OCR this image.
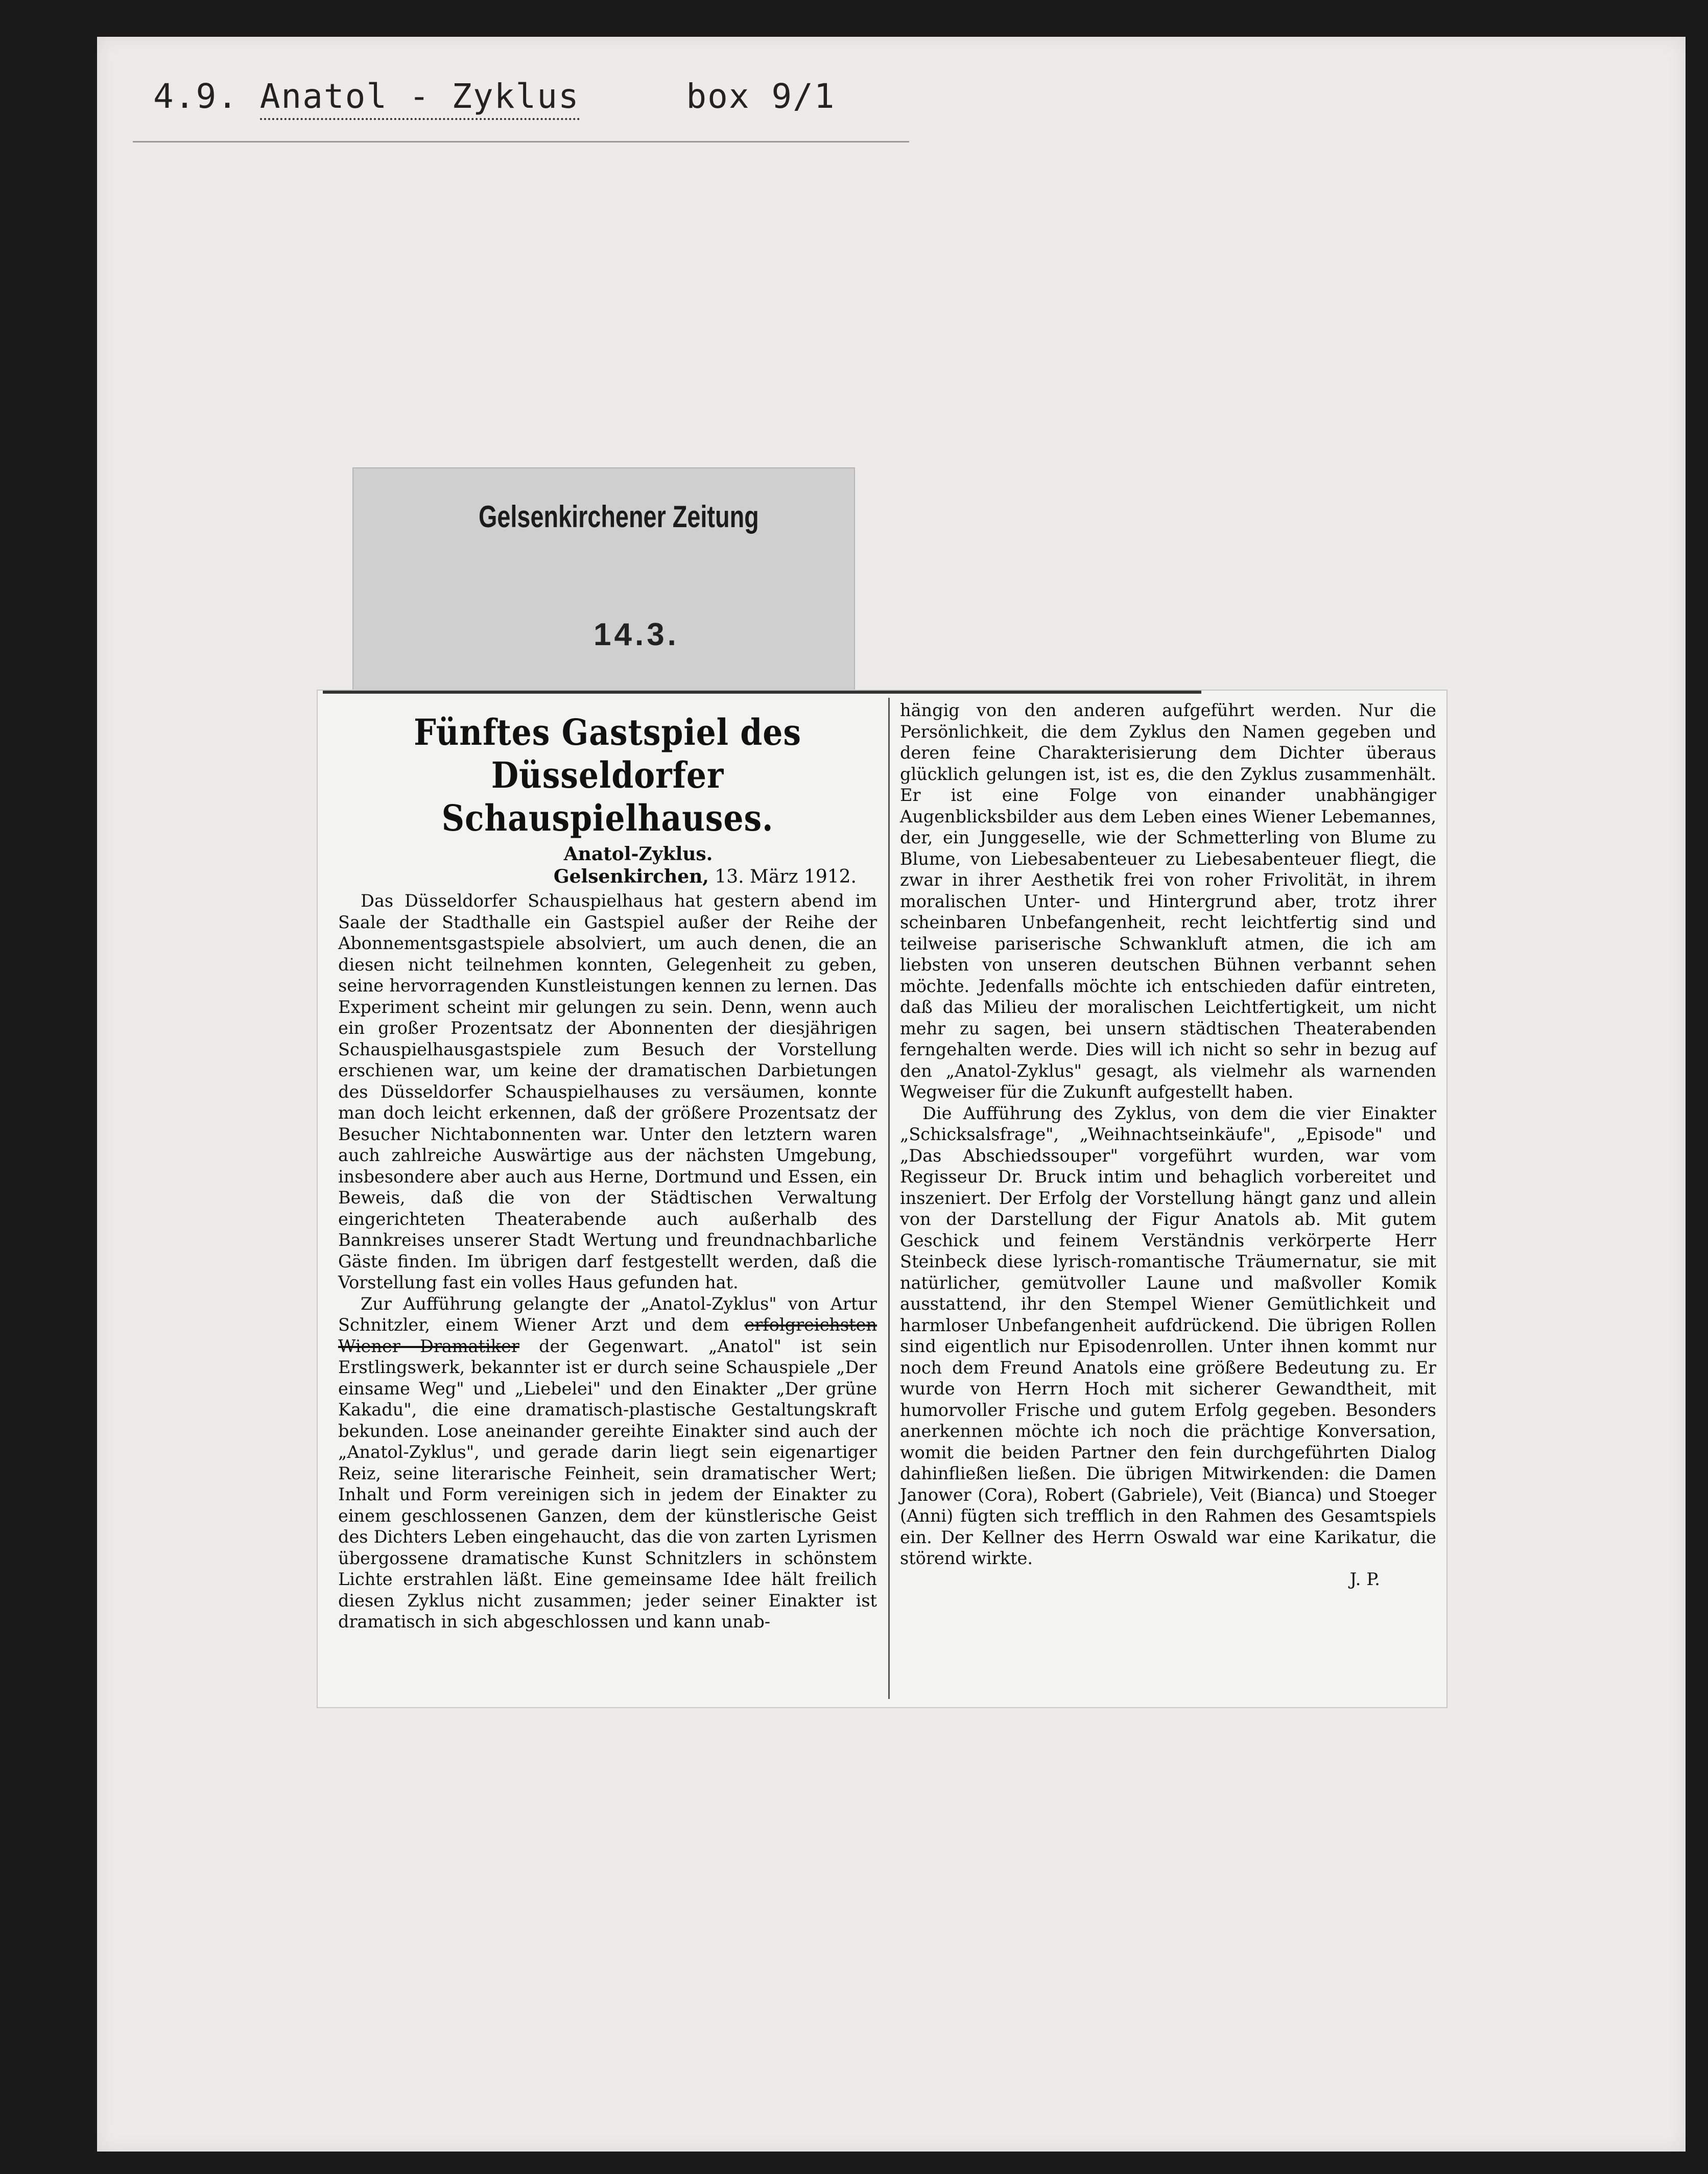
4.9. Anatol - Zyklus     box 9/1
Gelsenkirchener Zeitung
14.3.
Fünftes Gastspiel des Düsseldorfer Schauspielhauses.
Anatol-Zyklus.
Gelsenkirchen, 13. März 1912.

Das Düsseldorfer Schauspielhaus hat gestern abend im Saale der Stadthalle ein Gastspiel außer der Reihe der Abonnementsgastspiele absolviert, um auch denen, die an diesen nicht teilnehmen konnten, Gelegenheit zu geben, seine hervorragenden Kunstleistungen kennen zu lernen. Das Experiment scheint mir gelungen zu sein. Denn, wenn auch ein großer Prozentsatz der Abonnenten der diesjährigen Schauspielhausgastspiele zum Besuch der Vorstellung erschienen war, um keine der dramatischen Darbietungen des Düsseldorfer Schauspielhauses zu versäumen, konnte man doch leicht erkennen, daß der größere Prozentsatz der Besucher Nichtabonnenten war. Unter den letztern waren auch zahlreiche Auswärtige aus der nächsten Umgebung, insbesondere aber auch aus Herne, Dortmund und Essen, ein Beweis, daß die von der Städtischen Verwaltung eingerichteten Theaterabende auch außerhalb des Bannkreises unserer Stadt Wertung und freundnachbarliche Gäste finden. Im übrigen darf festgestellt werden, daß die Vorstellung fast ein volles Haus gefunden hat.

Zur Aufführung gelangte der „Anatol-Zyklus" von Artur Schnitzler, einem Wiener Arzt und dem erfolgreichsten Wiener Dramatiker der Gegenwart. „Anatol" ist sein Erstlingswerk, bekannter ist er durch seine Schauspiele „Der einsame Weg" und „Liebelei" und den Einakter „Der grüne Kakadu", die eine dramatisch-plastische Gestaltungskraft bekunden. Lose aneinander gereihte Einakter sind auch der „Anatol-Zyklus", und gerade darin liegt sein eigenartiger Reiz, seine literarische Feinheit, sein dramatischer Wert; Inhalt und Form vereinigen sich in jedem der Einakter zu einem geschlossenen Ganzen, dem der künstlerische Geist des Dichters Leben eingehaucht, das die von zarten Lyrismen übergossene dramatische Kunst Schnitzlers in schönstem Lichte erstrahlen läßt. Eine gemeinsame Idee hält freilich diesen Zyklus nicht zusammen; jeder seiner Einakter ist dramatisch in sich abgeschlossen und kann unab-

hängig von den anderen aufgeführt werden. Nur die Persönlichkeit, die dem Zyklus den Namen gegeben und deren feine Charakterisierung dem Dichter überaus glücklich gelungen ist, ist es, die den Zyklus zusammenhält. Er ist eine Folge von einander unabhängiger Augenblicksbilder aus dem Leben eines Wiener Lebemannes, der, ein Junggeselle, wie der Schmetterling von Blume zu Blume, von Liebesabenteuer zu Liebesabenteuer fliegt, die zwar in ihrer Aesthetik frei von roher Frivolität, in ihrem moralischen Unter- und Hintergrund aber, trotz ihrer scheinbaren Unbefangenheit, recht leichtfertig sind und teilweise pariserische Schwankluft atmen, die ich am liebsten von unseren deutschen Bühnen verbannt sehen möchte. Jedenfalls möchte ich entschieden dafür eintreten, daß das Milieu der moralischen Leichtfertigkeit, um nicht mehr zu sagen, bei unsern städtischen Theaterabenden ferngehalten werde. Dies will ich nicht so sehr in bezug auf den „Anatol-Zyklus" gesagt, als vielmehr als warnenden Wegweiser für die Zukunft aufgestellt haben.

Die Aufführung des Zyklus, von dem die vier Einakter „Schicksalsfrage", „Weihnachtseinkäufe", „Episode" und „Das Abschiedssouper" vorgeführt wurden, war vom Regisseur Dr. Bruck intim und behaglich vorbereitet und inszeniert. Der Erfolg der Vorstellung hängt ganz und allein von der Darstellung der Figur Anatols ab. Mit gutem Geschick und feinem Verständnis verkörperte Herr Steinbeck diese lyrisch-romantische Träumernatur, sie mit natürlicher, gemütvoller Laune und maßvoller Komik ausstattend, ihr den Stempel Wiener Gemütlichkeit und harmloser Unbefangenheit aufdrückend. Die übrigen Rollen sind eigentlich nur Episodenrollen. Unter ihnen kommt nur noch dem Freund Anatols eine größere Bedeutung zu. Er wurde von Herrn Hoch mit sicherer Gewandtheit, mit humorvoller Frische und gutem Erfolg gegeben. Besonders anerkennen möchte ich noch die prächtige Konversation, womit die beiden Partner den fein durchgeführten Dialog dahinfließen ließen. Die übrigen Mitwirkenden: die Damen Janower (Cora), Robert (Gabriele), Veit (Bianca) und Stoeger (Anni) fügten sich trefflich in den Rahmen des Gesamtspiels ein. Der Kellner des Herrn Oswald war eine Karikatur, die störend wirkte.

J. P.
